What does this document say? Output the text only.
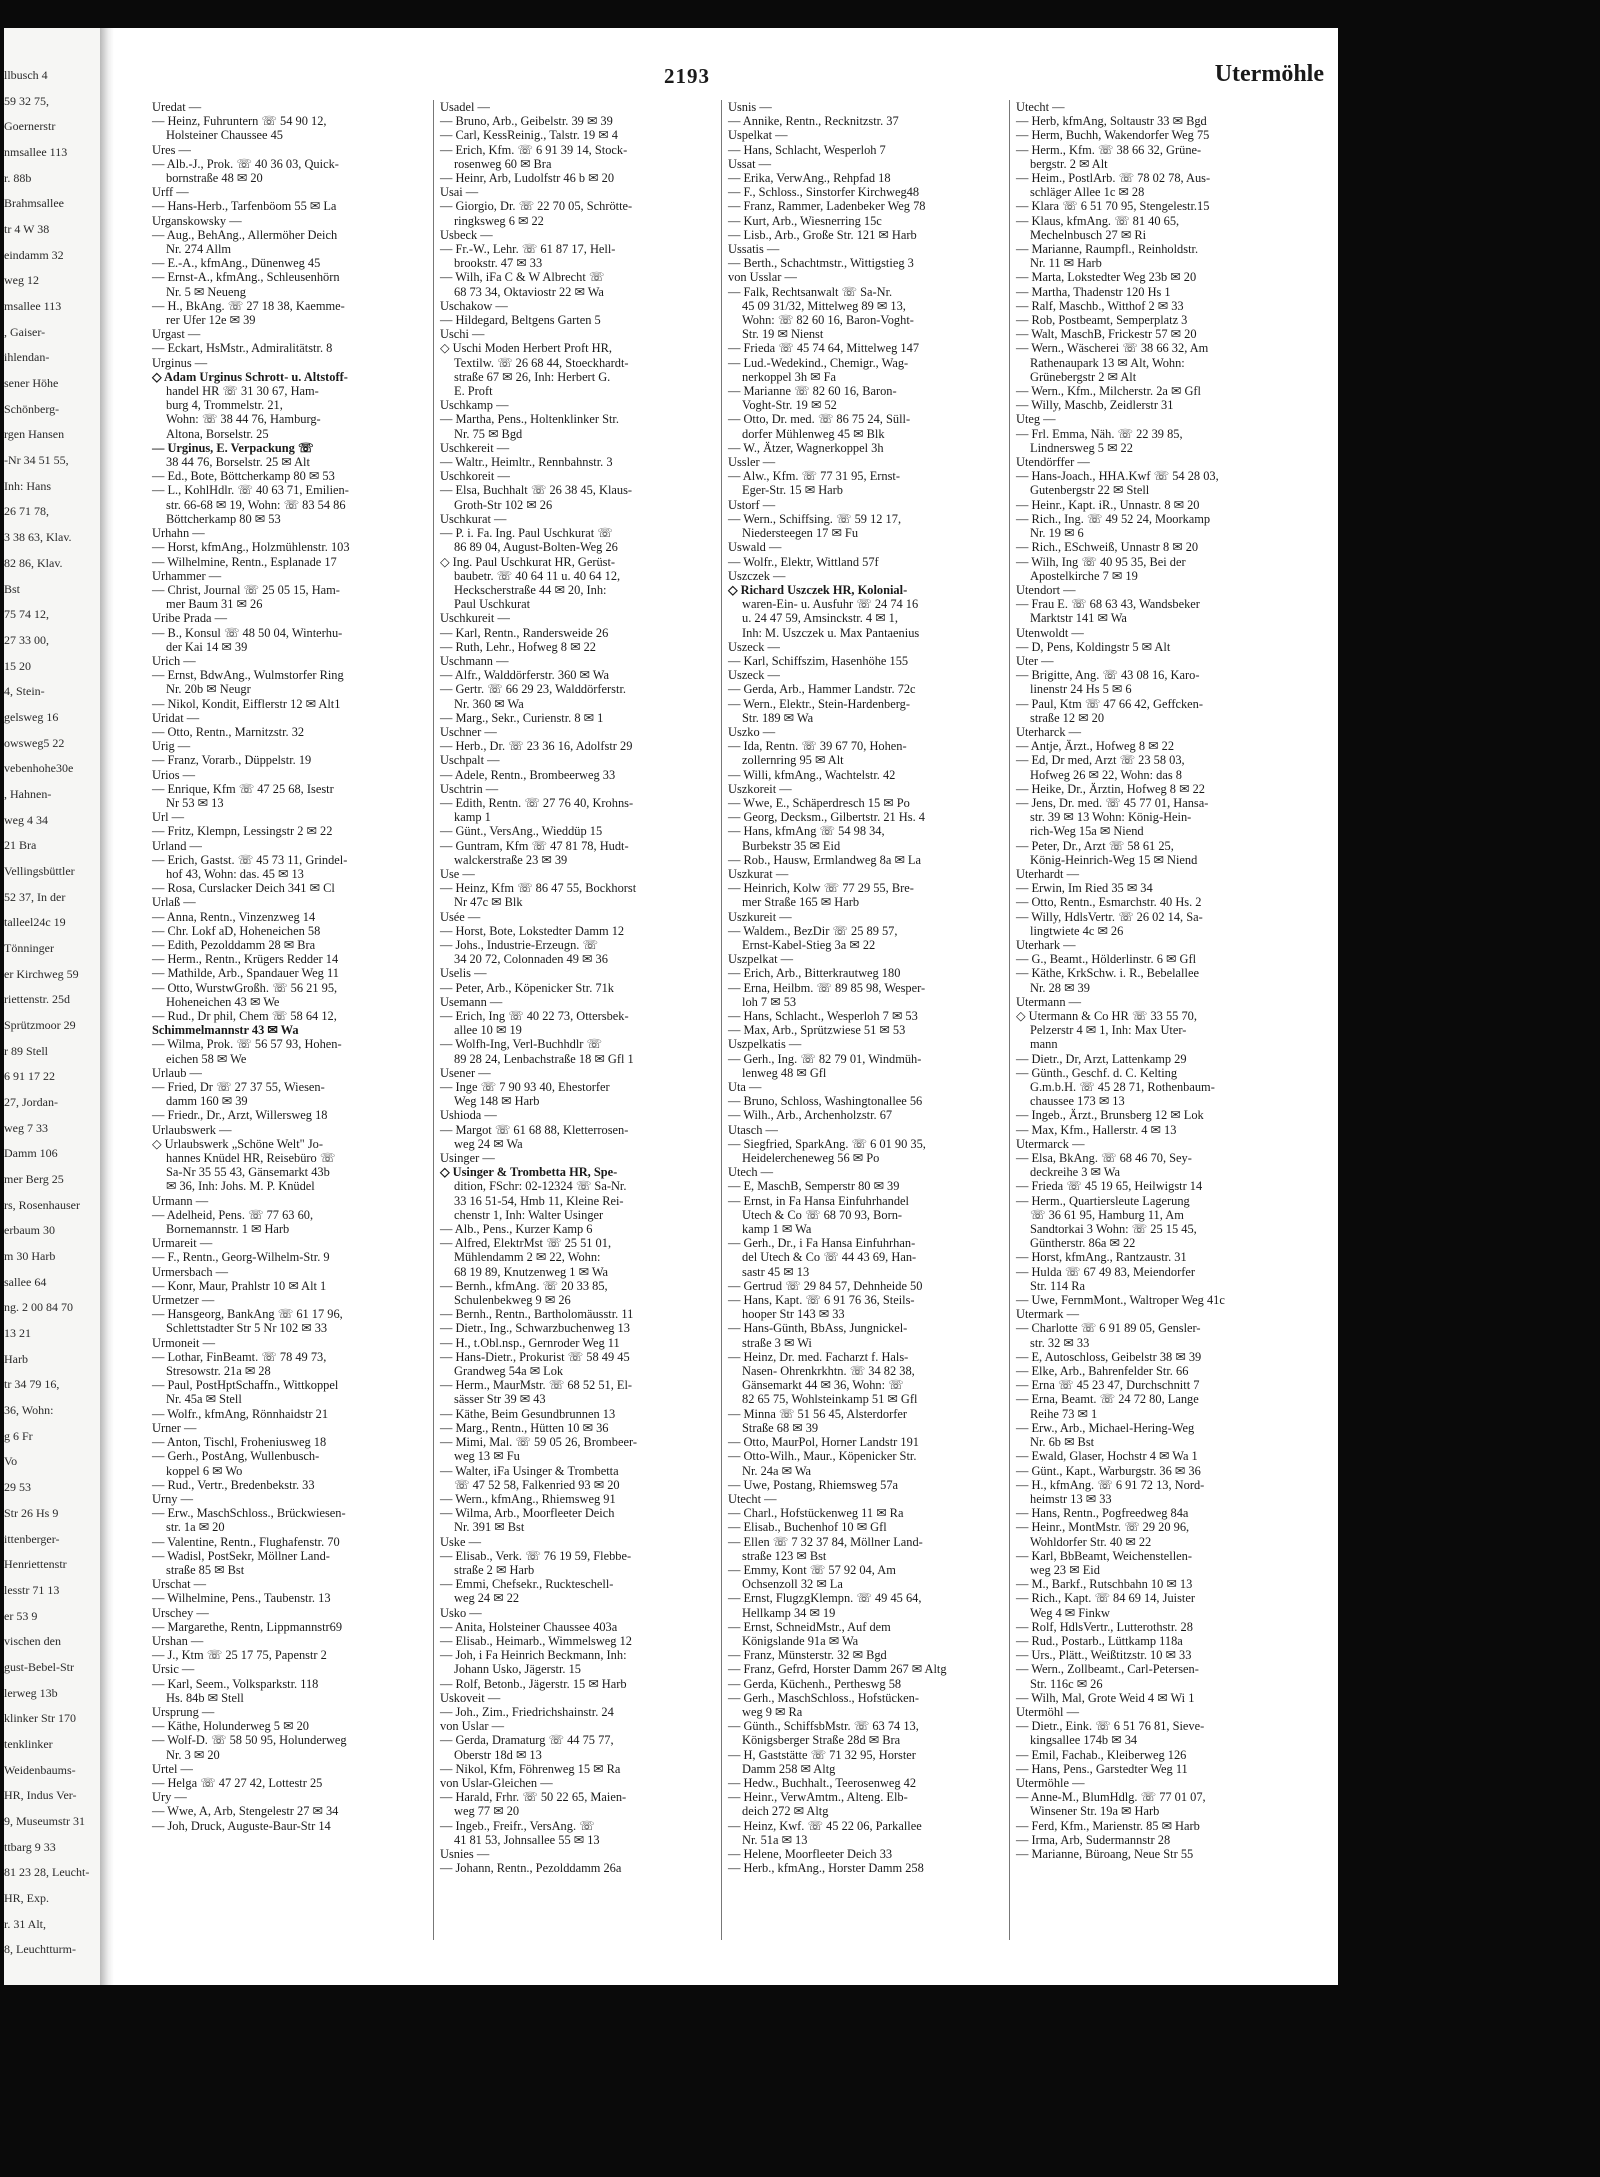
llbusch 4
59 32 75,
Goernerstr
nmsallee 113
r. 88b
Brahmsallee
tr 4 W 38
eindamm 32
weg 12
msallee 113
, Gaiser-
ihlendan-
sener Höhe
Schönberg-
rgen Hansen
-Nr 34 51 55,
Inh: Hans
26 71 78,
3 38 63, Klav.
82 86, Klav.
Bst
75 74 12,
27 33 00,
15 20
4, Stein-
gelsweg 16
owsweg5 22
vebenhohe30e
, Hahnen-
weg 4 34
21 Bra
Vellingsbüttler
52 37, In der
talleel24c 19
Tönninger
er Kirchweg 59
riettenstr. 25d
Sprützmoor 29
r 89 Stell
6 91 17 22
27, Jordan-
weg 7 33
Damm 106
mer Berg 25
rs, Rosenhauser
erbaum 30
m 30 Harb
sallee 64
ng. 2 00 84 70
13 21
Harb
tr 34 79 16,
36, Wohn:
g 6 Fr
Vo
29 53
Str 26 Hs 9
ittenberger-
Henriettenstr
lesstr 71 13
er 53 9
vischen den
gust-Bebel-Str
lerweg 13b
klinker Str 170
tenklinker
Weidenbaums-
HR, Indus Ver-
9, Museumstr 31
ttbarg 9 33
81 23 28, Leucht-
HR, Exp.
r. 31 Alt,
8, Leuchtturm-
2193	Utermöhle
Uredat —
— Heinz, Fuhruntern ☏ 54 90 12,
Holsteiner Chaussee 45
Ures —
— Alb.-J., Prok. ☏ 40 36 03, Quick-
bornstraße 48 ✉ 20
Urff —
— Hans-Herb., Tarfenböom 55 ✉ La
Urganskowsky —
— Aug., BehAng., Allermöher Deich
Nr. 274 Allm
— E.-A., kfmAng., Dünenweg 45
— Ernst-A., kfmAng., Schleusenhörn
Nr. 5 ✉ Neueng
— H., BkAng. ☏ 27 18 38, Kaemme-
rer Ufer 12e ✉ 39
Urgast —
— Eckart, HsMstr., Admiralitätstr. 8
Urginus —
◇ Adam Urginus Schrott- u. Altstoff-
handel HR ☏ 31 30 67, Ham-
burg 4, Trommelstr. 21,
Wohn: ☏ 38 44 76, Hamburg-
Altona, Borselstr. 25
— Urginus, E. Verpackung ☏
38 44 76, Borselstr. 25 ✉ Alt
— Ed., Bote, Böttcherkamp 80 ✉ 53
— L., KohlHdlr. ☏ 40 63 71, Emilien-
str. 66-68 ✉ 19, Wohn: ☏ 83 54 86
Böttcherkamp 80 ✉ 53
Urhahn —
— Horst, kfmAng., Holzmühlenstr. 103
— Wilhelmine, Rentn., Esplanade 17
Urhammer —
— Christ, Journal ☏ 25 05 15, Ham-
mer Baum 31 ✉ 26
Uribe Prada —
— B., Konsul ☏ 48 50 04, Winterhu-
der Kai 14 ✉ 39
Urich —
— Ernst, BdwAng., Wulmstorfer Ring
Nr. 20b ✉ Neugr
— Nikol, Kondit, Eifflerstr 12 ✉ Alt1
Uridat —
— Otto, Rentn., Marnitzstr. 32
Urig —
— Franz, Vorarb., Düppelstr. 19
Urios —
— Enrique, Kfm ☏ 47 25 68, Isestr
Nr 53 ✉ 13
Url —
— Fritz, Klempn, Lessingstr 2 ✉ 22
Urland —
— Erich, Gastst. ☏ 45 73 11, Grindel-
hof 43, Wohn: das. 45 ✉ 13
— Rosa, Curslacker Deich 341 ✉ Cl
Urlaß —
— Anna, Rentn., Vinzenzweg 14
— Chr. Lokf aD, Hoheneichen 58
— Edith, Pezolddamm 28 ✉ Bra
— Herm., Rentn., Krügers Redder 14
— Mathilde, Arb., Spandauer Weg 11
— Otto, WurstwGroßh. ☏ 56 21 95,
Hoheneichen 43 ✉ We
— Rud., Dr phil, Chem ☏ 58 64 12,
Schimmelmannstr 43 ✉ Wa
— Wilma, Prok. ☏ 56 57 93, Hohen-
eichen 58 ✉ We
Urlaub —
— Fried, Dr ☏ 27 37 55, Wiesen-
damm 160 ✉ 39
— Friedr., Dr., Arzt, Willersweg 18
Urlaubswerk —
◇ Urlaubswerk „Schöne Welt" Jo-
hannes Knüdel HR, Reisebüro ☏
Sa-Nr 35 55 43, Gänsemarkt 43b
✉ 36, Inh: Johs. M. P. Knüdel
Urmann —
— Adelheid, Pens. ☏ 77 63 60,
Bornemannstr. 1 ✉ Harb
Urmareit —
— F., Rentn., Georg-Wilhelm-Str. 9
Urmersbach —
— Konr, Maur, Prahlstr 10 ✉ Alt 1
Urmetzer —
— Hansgeorg, BankAng ☏ 61 17 96,
Schlettstadter Str 5 Nr 102 ✉ 33
Urmoneit —
— Lothar, FinBeamt. ☏ 78 49 73,
Stresowstr. 21a ✉ 28
— Paul, PostHptSchaffn., Wittkoppel
Nr. 45a ✉ Stell
— Wolfr., kfmAng, Rönnhaidstr 21
Urner —
— Anton, Tischl, Froheniusweg 18
— Gerh., PostAng, Wullenbusch-
koppel 6 ✉ Wo
— Rud., Vertr., Bredenbekstr. 33
Urny —
— Erw., MaschSchloss., Brückwiesen-
str. 1a ✉ 20
— Valentine, Rentn., Flughafenstr. 70
— Wadisl, PostSekr, Möllner Land-
straße 85 ✉ Bst
Urschat —
— Wilhelmine, Pens., Taubenstr. 13
Urschey —
— Margarethe, Rentn, Lippmannstr69
Urshan —
— J., Ktm ☏ 25 17 75, Papenstr 2
Ursic —
— Karl, Seem., Volksparkstr. 118
Hs. 84b ✉ Stell
Ursprung —
— Käthe, Holunderweg 5 ✉ 20
— Wolf-D. ☏ 58 50 95, Holunderweg
Nr. 3 ✉ 20
Urtel —
— Helga ☏ 47 27 42, Lottestr 25
Ury —
— Wwe, A, Arb, Stengelestr 27 ✉ 34
— Joh, Druck, Auguste-Baur-Str 14
Usadel —
— Bruno, Arb., Geibelstr. 39 ✉ 39
— Carl, KessReinig., Talstr. 19 ✉ 4
— Erich, Kfm. ☏ 6 91 39 14, Stock-
rosenweg 60 ✉ Bra
— Heinr, Arb, Ludolfstr 46 b ✉ 20
Usai —
— Giorgio, Dr. ☏ 22 70 05, Schrötte-
ringksweg 6 ✉ 22
Usbeck —
— Fr.-W., Lehr. ☏ 61 87 17, Hell-
brookstr. 47 ✉ 33
— Wilh, iFa C & W Albrecht ☏
68 73 34, Oktaviostr 22 ✉ Wa
Uschakow —
— Hildegard, Beltgens Garten 5
Uschi —
◇ Uschi Moden Herbert Proft HR,
Textilw. ☏ 26 68 44, Stoeckhardt-
straße 67 ✉ 26, Inh: Herbert G.
E. Proft
Uschkamp —
— Martha, Pens., Holtenklinker Str.
Nr. 75 ✉ Bgd
Uschkereit —
— Waltr., Heimltr., Rennbahnstr. 3
Uschkoreit —
— Elsa, Buchhalt ☏ 26 38 45, Klaus-
Groth-Str 102 ✉ 26
Uschkurat —
— P. i. Fa. Ing. Paul Uschkurat ☏
86 89 04, August-Bolten-Weg 26
◇ Ing. Paul Uschkurat HR, Gerüst-
baubetr. ☏ 40 64 11 u. 40 64 12,
Heckscherstraße 44 ✉ 20, Inh:
Paul Uschkurat
Uschkureit —
— Karl, Rentn., Randersweide 26
— Ruth, Lehr., Hofweg 8 ✉ 22
Uschmann —
— Alfr., Walddörferstr. 360 ✉ Wa
— Gertr. ☏ 66 29 23, Walddörferstr.
Nr. 360 ✉ Wa
— Marg., Sekr., Curienstr. 8 ✉ 1
Uschner —
— Herb., Dr. ☏ 23 36 16, Adolfstr 29
Uschpalt —
— Adele, Rentn., Brombeerweg 33
Uschtrin —
— Edith, Rentn. ☏ 27 76 40, Krohns-
kamp 1
— Günt., VersAng., Wieddüp 15
— Guntram, Kfm ☏ 47 81 78, Hudt-
walckerstraße 23 ✉ 39
Use —
— Heinz, Kfm ☏ 86 47 55, Bockhorst
Nr 47c ✉ Blk
Usée —
— Horst, Bote, Lokstedter Damm 12
— Johs., Industrie-Erzeugn. ☏
34 20 72, Colonnaden 49 ✉ 36
Uselis —
— Peter, Arb., Köpenicker Str. 71k
Usemann —
— Erich, Ing ☏ 40 22 73, Ottersbek-
allee 10 ✉ 19
— Wolfh-Ing, Verl-Buchhdlr ☏
89 28 24, Lenbachstraße 18 ✉ Gfl 1
Usener —
— Inge ☏ 7 90 93 40, Ehestorfer
Weg 148 ✉ Harb
Ushioda —
— Margot ☏ 61 68 88, Kletterrosen-
weg 24 ✉ Wa
Usinger —
◇ Usinger & Trombetta HR, Spe-
dition, FSchr: 02-12324 ☏ Sa-Nr.
33 16 51-54, Hmb 11, Kleine Rei-
chenstr 1, Inh: Walter Usinger
— Alb., Pens., Kurzer Kamp 6
— Alfred, ElektrMst ☏ 25 51 01,
Mühlendamm 2 ✉ 22, Wohn:
68 19 89, Knutzenweg 1 ✉ Wa
— Bernh., kfmAng. ☏ 20 33 85,
Schulenbekweg 9 ✉ 26
— Bernh., Rentn., Bartholomäusstr. 11
— Dietr., Ing., Schwarzbuchenweg 13
— H., t.Obl.nsp., Gernroder Weg 11
— Hans-Dietr., Prokurist ☏ 58 49 45
Grandweg 54a ✉ Lok
— Herm., MaurMstr. ☏ 68 52 51, El-
sässer Str 39 ✉ 43
— Käthe, Beim Gesundbrunnen 13
— Marg., Rentn., Hütten 10 ✉ 36
— Mimi, Mal. ☏ 59 05 26, Brombeer-
weg 13 ✉ Fu
— Walter, iFa Usinger & Trombetta
☏ 47 52 58, Falkenried 93 ✉ 20
— Wern., kfmAng., Rhiemsweg 91
— Wilma, Arb., Moorfleeter Deich
Nr. 391 ✉ Bst
Uske —
— Elisab., Verk. ☏ 76 19 59, Flebbe-
straße 2 ✉ Harb
— Emmi, Chefsekr., Ruckteschell-
weg 24 ✉ 22
Usko —
— Anita, Holsteiner Chaussee 403a
— Elisab., Heimarb., Wimmelsweg 12
— Joh, i Fa Heinrich Beckmann, Inh:
Johann Usko, Jägerstr. 15
— Rolf, Betonb., Jägerstr. 15 ✉ Harb
Uskoveit —
— Joh., Zim., Friedrichshainstr. 24
von Uslar —
— Gerda, Dramaturg ☏ 44 75 77,
Oberstr 18d ✉ 13
— Nikol, Kfm, Föhrenweg 15 ✉ Ra
von Uslar-Gleichen —
— Harald, Frhr. ☏ 50 22 65, Maien-
weg 77 ✉ 20
— Ingeb., Freifr., VersAng. ☏
41 81 53, Johnsallee 55 ✉ 13
Usnies —
— Johann, Rentn., Pezolddamm 26a
Usnis —
— Annike, Rentn., Recknitzstr. 37
Uspelkat —
— Hans, Schlacht, Wesperloh 7
Ussat —
— Erika, VerwAng., Rehpfad 18
— F., Schloss., Sinstorfer Kirchweg48
— Franz, Rammer, Ladenbeker Weg 78
— Kurt, Arb., Wiesnerring 15c
— Lisb., Arb., Große Str. 121 ✉ Harb
Ussatis —
— Berth., Schachtmstr., Wittigstieg 3
von Usslar —
— Falk, Rechtsanwalt ☏ Sa-Nr.
45 09 31/32, Mittelweg 89 ✉ 13,
Wohn: ☏ 82 60 16, Baron-Voght-
Str. 19 ✉ Nienst
— Frieda ☏ 45 74 64, Mittelweg 147
— Lud.-Wedekind., Chemigr., Wag-
nerkoppel 3h ✉ Fa
— Marianne ☏ 82 60 16, Baron-
Voght-Str. 19 ✉ 52
— Otto, Dr. med. ☏ 86 75 24, Süll-
dorfer Mühlenweg 45 ✉ Blk
— W., Ätzer, Wagnerkoppel 3h
Ussler —
— Alw., Kfm. ☏ 77 31 95, Ernst-
Eger-Str. 15 ✉ Harb
Ustorf —
— Wern., Schiffsing. ☏ 59 12 17,
Niedersteegen 17 ✉ Fu
Uswald —
— Wolfr., Elektr, Wittland 57f
Uszczek —
◇ Richard Uszczek HR, Kolonial-
waren-Ein- u. Ausfuhr ☏ 24 74 16
u. 24 47 59, Amsinckstr. 4 ✉ 1,
Inh: M. Uszczek u. Max Pantaenius
Uszeck —
— Karl, Schiffszim, Hasenhöhe 155
Uszeck —
— Gerda, Arb., Hammer Landstr. 72c
— Wern., Elektr., Stein-Hardenberg-
Str. 189 ✉ Wa
Uszko —
— Ida, Rentn. ☏ 39 67 70, Hohen-
zollernring 95 ✉ Alt
— Willi, kfmAng., Wachtelstr. 42
Uszkoreit —
— Wwe, E., Schäperdresch 15 ✉ Po
— Georg, Decksm., Gilbertstr. 21 Hs. 4
— Hans, kfmAng ☏ 54 98 34,
Burbekstr 35 ✉ Eid
— Rob., Hausw, Ermlandweg 8a ✉ La
Uszkurat —
— Heinrich, Kolw ☏ 77 29 55, Bre-
mer Straße 165 ✉ Harb
Uszkureit —
— Waldem., BezDir ☏ 25 89 57,
Ernst-Kabel-Stieg 3a ✉ 22
Uszpelkat —
— Erich, Arb., Bitterkrautweg 180
— Erna, Heilbm. ☏ 89 85 98, Wesper-
loh 7 ✉ 53
— Hans, Schlacht., Wesperloh 7 ✉ 53
— Max, Arb., Sprützwiese 51 ✉ 53
Uszpelkatis —
— Gerh., Ing. ☏ 82 79 01, Windmüh-
lenweg 48 ✉ Gfl
Uta —
— Bruno, Schloss, Washingtonallee 56
— Wilh., Arb., Archenholzstr. 67
Utasch —
— Siegfried, SparkAng. ☏ 6 01 90 35,
Heidelercheneweg 56 ✉ Po
Utech —
— E, MaschB, Semperstr 80 ✉ 39
— Ernst, in Fa Hansa Einfuhrhandel
Utech & Co ☏ 68 70 93, Born-
kamp 1 ✉ Wa
— Gerh., Dr., i Fa Hansa Einfuhrhan-
del Utech & Co ☏ 44 43 69, Han-
sastr 45 ✉ 13
— Gertrud ☏ 29 84 57, Dehnheide 50
— Hans, Kapt. ☏ 6 91 76 36, Steils-
hooper Str 143 ✉ 33
— Hans-Günth, BbAss, Jungnickel-
straße 3 ✉ Wi
— Heinz, Dr. med. Facharzt f. Hals-
Nasen- Ohrenkrkhtn. ☏ 34 82 38,
Gänsemarkt 44 ✉ 36, Wohn: ☏
82 65 75, Wohlsteinkamp 51 ✉ Gfl
— Minna ☏ 51 56 45, Alsterdorfer
Straße 68 ✉ 39
— Otto, MaurPol, Horner Landstr 191
— Otto-Wilh., Maur., Köpenicker Str.
Nr. 24a ✉ Wa
— Uwe, Postang, Rhiemsweg 57a
Utecht —
— Charl., Hofstückenweg 11 ✉ Ra
— Elisab., Buchenhof 10 ✉ Gfl
— Ellen ☏ 7 32 37 84, Möllner Land-
straße 123 ✉ Bst
— Emmy, Kont ☏ 57 92 04, Am
Ochsenzoll 32 ✉ La
— Ernst, FlugzgKlempn. ☏ 49 45 64,
Hellkamp 34 ✉ 19
— Ernst, SchneidMstr., Auf dem
Königslande 91a ✉ Wa
— Franz, Münsterstr. 32 ✉ Bgd
— Franz, Gefrd, Horster Damm 267 ✉ Altg
— Gerda, Küchenh., Pertheswg 58
— Gerh., MaschSchloss., Hofstücken-
weg 9 ✉ Ra
— Günth., SchiffsbMstr. ☏ 63 74 13,
Königsberger Straße 28d ✉ Bra
— H, Gaststätte ☏ 71 32 95, Horster
Damm 258 ✉ Altg
— Hedw., Buchhalt., Teerosenweg 42
— Heinr., VerwAmtm., Alteng. Elb-
deich 272 ✉ Altg
— Heinz, Kwf. ☏ 45 22 06, Parkallee
Nr. 51a ✉ 13
— Helene, Moorfleeter Deich 33
— Herb., kfmAng., Horster Damm 258
Utecht —
— Herb, kfmAng, Soltaustr 33 ✉ Bgd
— Herm, Buchh, Wakendorfer Weg 75
— Herm., Kfm. ☏ 38 66 32, Grüne-
bergstr. 2 ✉ Alt
— Heim., PostlArb. ☏ 78 02 78, Aus-
schläger Allee 1c ✉ 28
— Klara ☏ 6 51 70 95, Stengelestr.15
— Klaus, kfmAng. ☏ 81 40 65,
Mechelnbusch 27 ✉ Ri
— Marianne, Raumpfl., Reinholdstr.
Nr. 11 ✉ Harb
— Marta, Lokstedter Weg 23b ✉ 20
— Martha, Thadenstr 120 Hs 1
— Ralf, Maschb., Witthof 2 ✉ 33
— Rob, Postbeamt, Semperplatz 3
— Walt, MaschB, Frickestr 57 ✉ 20
— Wern., Wäscherei ☏ 38 66 32, Am
Rathenaupark 13 ✉ Alt, Wohn:
Grünebergstr 2 ✉ Alt
— Wern., Kfm., Milcherstr. 2a ✉ Gfl
— Willy, Maschb, Zeidlerstr 31
Uteg —
— Frl. Emma, Näh. ☏ 22 39 85,
Lindnersweg 5 ✉ 22
Utendörffer —
— Hans-Joach., HHA.Kwf ☏ 54 28 03,
Gutenbergstr 22 ✉ Stell
— Heinr., Kapt. iR., Unnastr. 8 ✉ 20
— Rich., Ing. ☏ 49 52 24, Moorkamp
Nr. 19 ✉ 6
— Rich., ESchweiß, Unnastr 8 ✉ 20
— Wilh, Ing ☏ 40 95 35, Bei der
Apostelkirche 7 ✉ 19
Utendort —
— Frau E. ☏ 68 63 43, Wandsbeker
Marktstr 141 ✉ Wa
Utenwoldt —
— D, Pens, Koldingstr 5 ✉ Alt
Uter —
— Brigitte, Ang. ☏ 43 08 16, Karo-
linenstr 24 Hs 5 ✉ 6
— Paul, Ktm ☏ 47 66 42, Geffcken-
straße 12 ✉ 20
Uterharck —
— Antje, Ärzt., Hofweg 8 ✉ 22
— Ed, Dr med, Arzt ☏ 23 58 03,
Hofweg 26 ✉ 22, Wohn: das 8
— Heike, Dr., Ärztin, Hofweg 8 ✉ 22
— Jens, Dr. med. ☏ 45 77 01, Hansa-
str. 39 ✉ 13 Wohn: König-Hein-
rich-Weg 15a ✉ Niend
— Peter, Dr., Arzt ☏ 58 61 25,
König-Heinrich-Weg 15 ✉ Niend
Uterhardt —
— Erwin, Im Ried 35 ✉ 34
— Otto, Rentn., Esmarchstr. 40 Hs. 2
— Willy, HdlsVertr. ☏ 26 02 14, Sa-
lingtwiete 4c ✉ 26
Uterhark —
— G., Beamt., Hölderlinstr. 6 ✉ Gfl
— Käthe, KrkSchw. i. R., Bebelallee
Nr. 28 ✉ 39
Utermann —
◇ Utermann & Co HR ☏ 33 55 70,
Pelzerstr 4 ✉ 1, Inh: Max Uter-
mann
— Dietr., Dr, Arzt, Lattenkamp 29
— Günth., Geschf. d. C. Kelting
G.m.b.H. ☏ 45 28 71, Rothenbaum-
chaussee 173 ✉ 13
— Ingeb., Ärzt., Brunsberg 12 ✉ Lok
— Max, Kfm., Hallerstr. 4 ✉ 13
Utermarck —
— Elsa, BkAng. ☏ 68 46 70, Sey-
deckreihe 3 ✉ Wa
— Frieda ☏ 45 19 65, Heilwigstr 14
— Herm., Quartiersleute Lagerung
☏ 36 61 95, Hamburg 11, Am
Sandtorkai 3 Wohn: ☏ 25 15 45,
Güntherstr. 86a ✉ 22
— Horst, kfmAng., Rantzaustr. 31
— Hulda ☏ 67 49 83, Meiendorfer
Str. 114 Ra
— Uwe, FernmMont., Waltroper Weg 41c
Utermark —
— Charlotte ☏ 6 91 89 05, Gensler-
str. 32 ✉ 33
— E, Autoschloss, Geibelstr 38 ✉ 39
— Elke, Arb., Bahrenfelder Str. 66
— Erna ☏ 45 23 47, Durchschnitt 7
— Erna, Beamt. ☏ 24 72 80, Lange
Reihe 73 ✉ 1
— Erw., Arb., Michael-Hering-Weg
Nr. 6b ✉ Bst
— Ewald, Glaser, Hochstr 4 ✉ Wa 1
— Günt., Kapt., Warburgstr. 36 ✉ 36
— H., kfmAng. ☏ 6 91 72 13, Nord-
heimstr 13 ✉ 33
— Hans, Rentn., Pogfreedweg 84a
— Heinr., MontMstr. ☏ 29 20 96,
Wohldorfer Str. 40 ✉ 22
— Karl, BbBeamt, Weichenstellen-
weg 23 ✉ Eid
— M., Barkf., Rutschbahn 10 ✉ 13
— Rich., Kapt. ☏ 84 69 14, Juister
Weg 4 ✉ Finkw
— Rolf, HdlsVertr., Lutterothstr. 28
— Rud., Postarb., Lüttkamp 118a
— Urs., Plätt., Weißtitzstr. 10 ✉ 33
— Wern., Zollbeamt., Carl-Petersen-
Str. 116c ✉ 26
— Wilh, Mal, Grote Weid 4 ✉ Wi 1
Utermöhl —
— Dietr., Eink. ☏ 6 51 76 81, Sieve-
kingsallee 174b ✉ 34
— Emil, Fachab., Kleiberweg 126
— Hans, Pens., Garstedter Weg 11
Utermöhle —
— Anne-M., BlumHdlg. ☏ 77 01 07,
Winsener Str. 19a ✉ Harb
— Ferd, Kfm., Marienstr. 85 ✉ Harb
— Irma, Arb, Sudermannstr 28
— Marianne, Büroang, Neue Str 55
